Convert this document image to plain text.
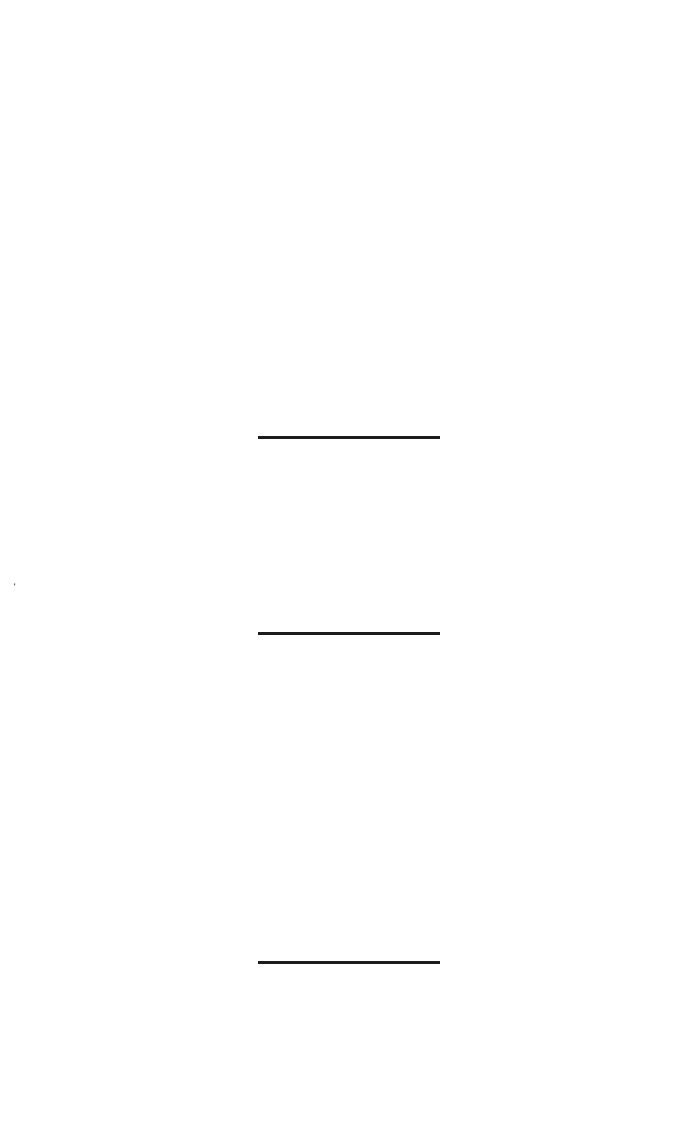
‘
